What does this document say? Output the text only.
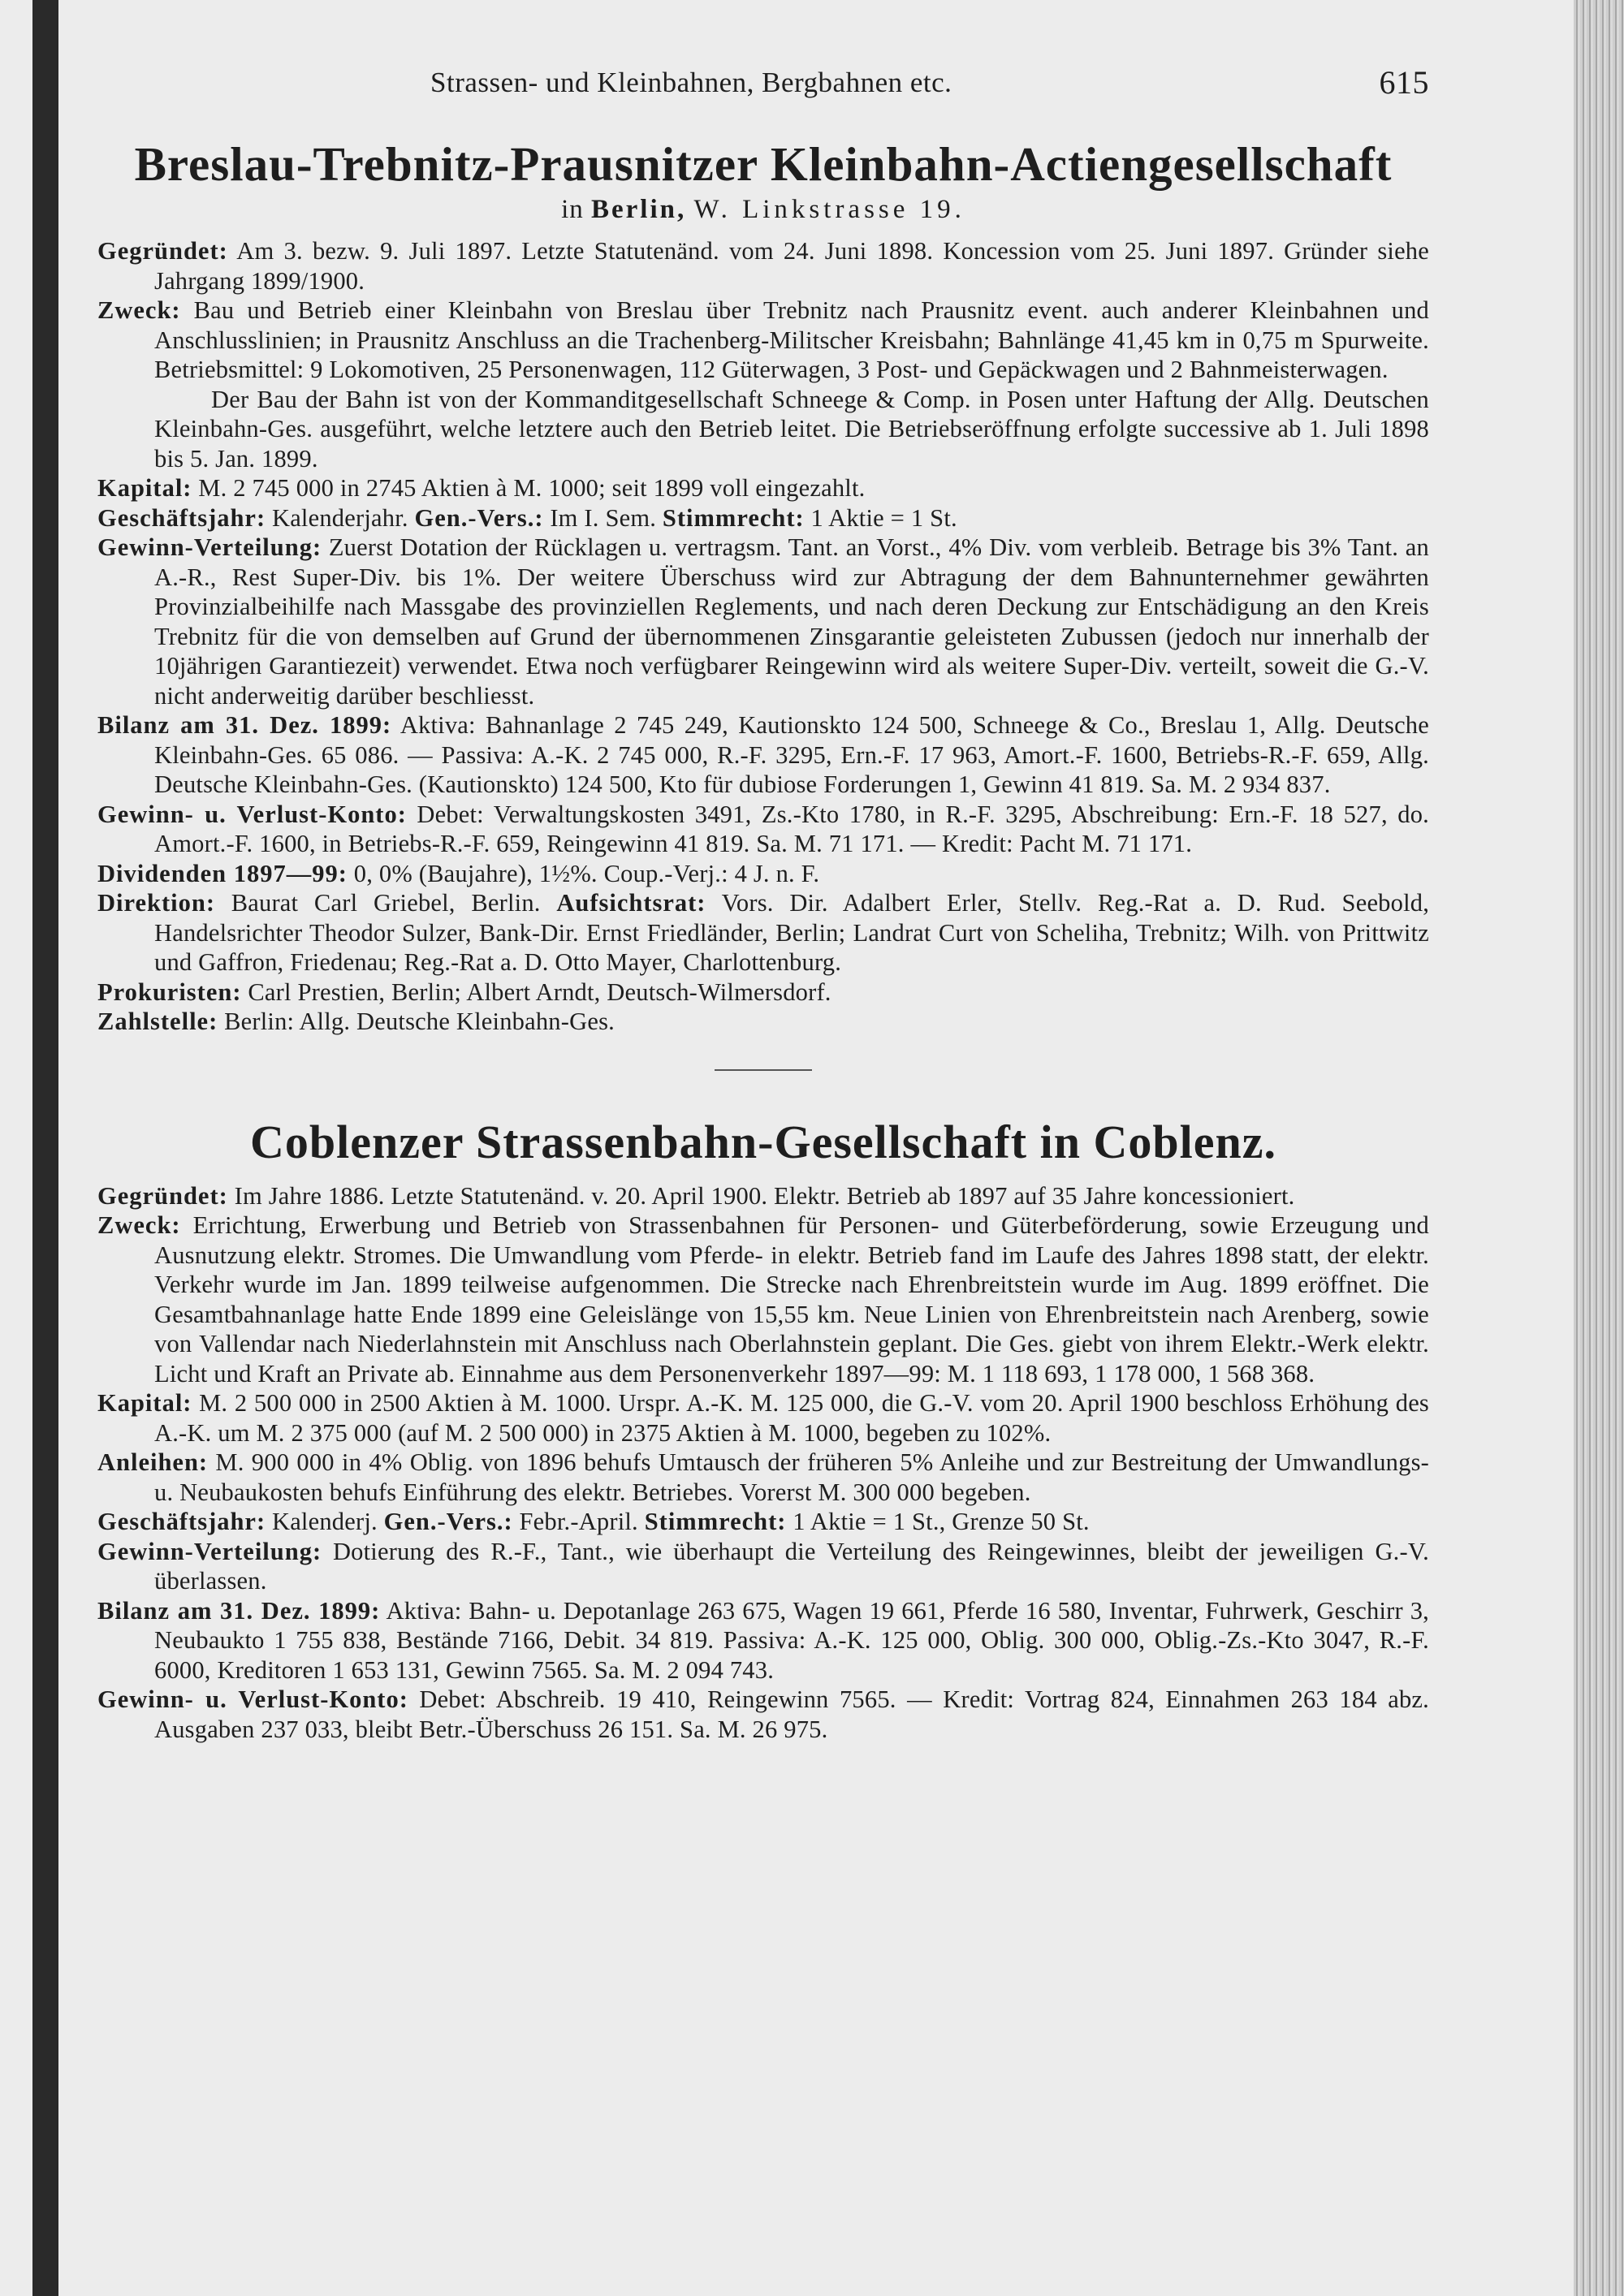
Strassen- und Kleinbahnen, Bergbahnen etc.	615
Breslau-Trebnitz-Prausnitzer Kleinbahn-Actiengesellschaft
in Berlin, W. Linkstrasse 19.

Gegründet: Am 3. bezw. 9. Juli 1897. Letzte Statutenänd. vom 24. Juni 1898. Koncession vom 25. Juni 1897. Gründer siehe Jahrgang 1899/1900.

Zweck: Bau und Betrieb einer Kleinbahn von Breslau über Trebnitz nach Prausnitz event. auch anderer Kleinbahnen und Anschlusslinien; in Prausnitz Anschluss an die Trachenberg-Militscher Kreisbahn; Bahnlänge 41,45 km in 0,75 m Spurweite. Betriebsmittel: 9 Lokomotiven, 25 Personenwagen, 112 Güterwagen, 3 Post- und Gepäckwagen und 2 Bahnmeisterwagen.

Der Bau der Bahn ist von der Kommanditgesellschaft Schneege & Comp. in Posen unter Haftung der Allg. Deutschen Kleinbahn-Ges. ausgeführt, welche letztere auch den Betrieb leitet. Die Betriebseröffnung erfolgte successive ab 1. Juli 1898 bis 5. Jan. 1899.

Kapital: M. 2 745 000 in 2745 Aktien à M. 1000; seit 1899 voll eingezahlt.

Geschäftsjahr: Kalenderjahr. Gen.-Vers.: Im I. Sem. Stimmrecht: 1 Aktie = 1 St.

Gewinn-Verteilung: Zuerst Dotation der Rücklagen u. vertragsm. Tant. an Vorst., 4% Div. vom verbleib. Betrage bis 3% Tant. an A.-R., Rest Super-Div. bis 1%. Der weitere Überschuss wird zur Abtragung der dem Bahnunternehmer gewährten Provinzialbeihilfe nach Massgabe des provinziellen Reglements, und nach deren Deckung zur Entschädigung an den Kreis Trebnitz für die von demselben auf Grund der übernommenen Zinsgarantie geleisteten Zubussen (jedoch nur innerhalb der 10jährigen Garantiezeit) verwendet. Etwa noch verfügbarer Reingewinn wird als weitere Super-Div. verteilt, soweit die G.-V. nicht anderweitig darüber beschliesst.

Bilanz am 31. Dez. 1899: Aktiva: Bahnanlage 2 745 249, Kautionskto 124 500, Schneege & Co., Breslau 1, Allg. Deutsche Kleinbahn-Ges. 65 086. — Passiva: A.-K. 2 745 000, R.-F. 3295, Ern.-F. 17 963, Amort.-F. 1600, Betriebs-R.-F. 659, Allg. Deutsche Kleinbahn-Ges. (Kautionskto) 124 500, Kto für dubiose Forderungen 1, Gewinn 41 819. Sa. M. 2 934 837.

Gewinn- u. Verlust-Konto: Debet: Verwaltungskosten 3491, Zs.-Kto 1780, in R.-F. 3295, Abschreibung: Ern.-F. 18 527, do. Amort.-F. 1600, in Betriebs-R.-F. 659, Reingewinn 41 819. Sa. M. 71 171. — Kredit: Pacht M. 71 171.

Dividenden 1897—99: 0, 0% (Baujahre), 1½%. Coup.-Verj.: 4 J. n. F.

Direktion: Baurat Carl Griebel, Berlin. Aufsichtsrat: Vors. Dir. Adalbert Erler, Stellv. Reg.-Rat a. D. Rud. Seebold, Handelsrichter Theodor Sulzer, Bank-Dir. Ernst Friedländer, Berlin; Landrat Curt von Scheliha, Trebnitz; Wilh. von Prittwitz und Gaffron, Friedenau; Reg.-Rat a. D. Otto Mayer, Charlottenburg.

Prokuristen: Carl Prestien, Berlin; Albert Arndt, Deutsch-Wilmersdorf.

Zahlstelle: Berlin: Allg. Deutsche Kleinbahn-Ges.

Coblenzer Strassenbahn-Gesellschaft in Coblenz.

Gegründet: Im Jahre 1886. Letzte Statutenänd. v. 20. April 1900. Elektr. Betrieb ab 1897 auf 35 Jahre koncessioniert.

Zweck: Errichtung, Erwerbung und Betrieb von Strassenbahnen für Personen- und Güterbeförderung, sowie Erzeugung und Ausnutzung elektr. Stromes. Die Umwandlung vom Pferde- in elektr. Betrieb fand im Laufe des Jahres 1898 statt, der elektr. Verkehr wurde im Jan. 1899 teilweise aufgenommen. Die Strecke nach Ehrenbreitstein wurde im Aug. 1899 eröffnet. Die Gesamtbahnanlage hatte Ende 1899 eine Geleislänge von 15,55 km. Neue Linien von Ehrenbreitstein nach Arenberg, sowie von Vallendar nach Niederlahnstein mit Anschluss nach Oberlahnstein geplant. Die Ges. giebt von ihrem Elektr.-Werk elektr. Licht und Kraft an Private ab. Einnahme aus dem Personenverkehr 1897—99: M. 1 118 693, 1 178 000, 1 568 368.

Kapital: M. 2 500 000 in 2500 Aktien à M. 1000. Urspr. A.-K. M. 125 000, die G.-V. vom 20. April 1900 beschloss Erhöhung des A.-K. um M. 2 375 000 (auf M. 2 500 000) in 2375 Aktien à M. 1000, begeben zu 102%.

Anleihen: M. 900 000 in 4% Oblig. von 1896 behufs Umtausch der früheren 5% Anleihe und zur Bestreitung der Umwandlungs- u. Neubaukosten behufs Einführung des elektr. Betriebes. Vorerst M. 300 000 begeben.

Geschäftsjahr: Kalenderj. Gen.-Vers.: Febr.-April. Stimmrecht: 1 Aktie = 1 St., Grenze 50 St.

Gewinn-Verteilung: Dotierung des R.-F., Tant., wie überhaupt die Verteilung des Reingewinnes, bleibt der jeweiligen G.-V. überlassen.

Bilanz am 31. Dez. 1899: Aktiva: Bahn- u. Depotanlage 263 675, Wagen 19 661, Pferde 16 580, Inventar, Fuhrwerk, Geschirr 3, Neubaukto 1 755 838, Bestände 7166, Debit. 34 819. Passiva: A.-K. 125 000, Oblig. 300 000, Oblig.-Zs.-Kto 3047, R.-F. 6000, Kreditoren 1 653 131, Gewinn 7565. Sa. M. 2 094 743.

Gewinn- u. Verlust-Konto: Debet: Abschreib. 19 410, Reingewinn 7565. — Kredit: Vortrag 824, Einnahmen 263 184 abz. Ausgaben 237 033, bleibt Betr.-Überschuss 26 151. Sa. M. 26 975.
